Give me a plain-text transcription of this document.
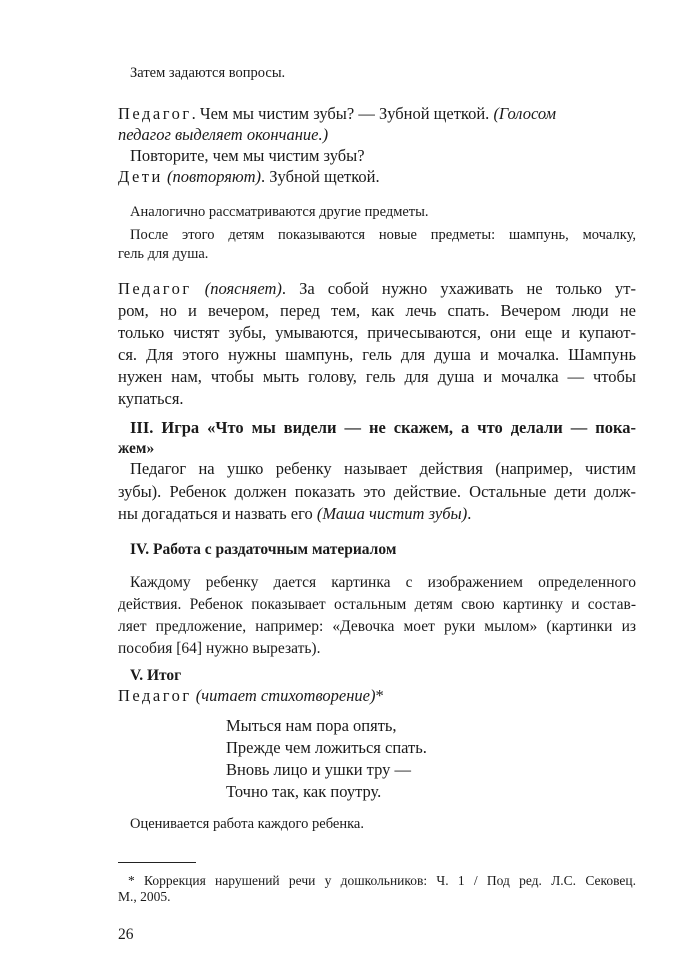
Затем задаются вопросы.
Педагог. Чем мы чистим зубы? — Зубной щеткой. (Голосом
педагог выделяет окончание.)
Повторите, чем мы чистим зубы?
Дети (повторяют). Зубной щеткой.
Аналогично рассматриваются другие предметы.
После этого детям показываются новые предметы: шампунь, мочалку,
гель для душа.
Педагог (поясняет). За собой нужно ухаживать не только ут-
ром, но и вечером, перед тем, как лечь спать. Вечером люди не
только чистят зубы, умываются, причесываются, они еще и купают-
ся. Для этого нужны шампунь, гель для душа и мочалка. Шампунь
нужен нам, чтобы мыть голову, гель для душа и мочалка — чтобы
купаться.
III. Игра «Что мы видели — не скажем, а что делали — пока-
жем»
Педагог на ушко ребенку называет действия (например, чистим
зубы). Ребенок должен показать это действие. Остальные дети долж-
ны догадаться и назвать его (Маша чистит зубы).
IV. Работа с раздаточным материалом
Каждому ребенку дается картинка с изображением определенного
действия. Ребенок показывает остальным детям свою картинку и состав-
ляет предложение, например: «Девочка моет руки мылом» (картинки из
пособия [64] нужно вырезать).
V. Итог
Педагог (читает стихотворение)*
Мыться нам пора опять,
Прежде чем ложиться спать.
Вновь лицо и ушки тру —
Точно так, как поутру.
Оценивается работа каждого ребенка.
* Коррекция нарушений речи у дошкольников: Ч. 1 / Под ред. Л.С. Сековец.
М., 2005.
26
